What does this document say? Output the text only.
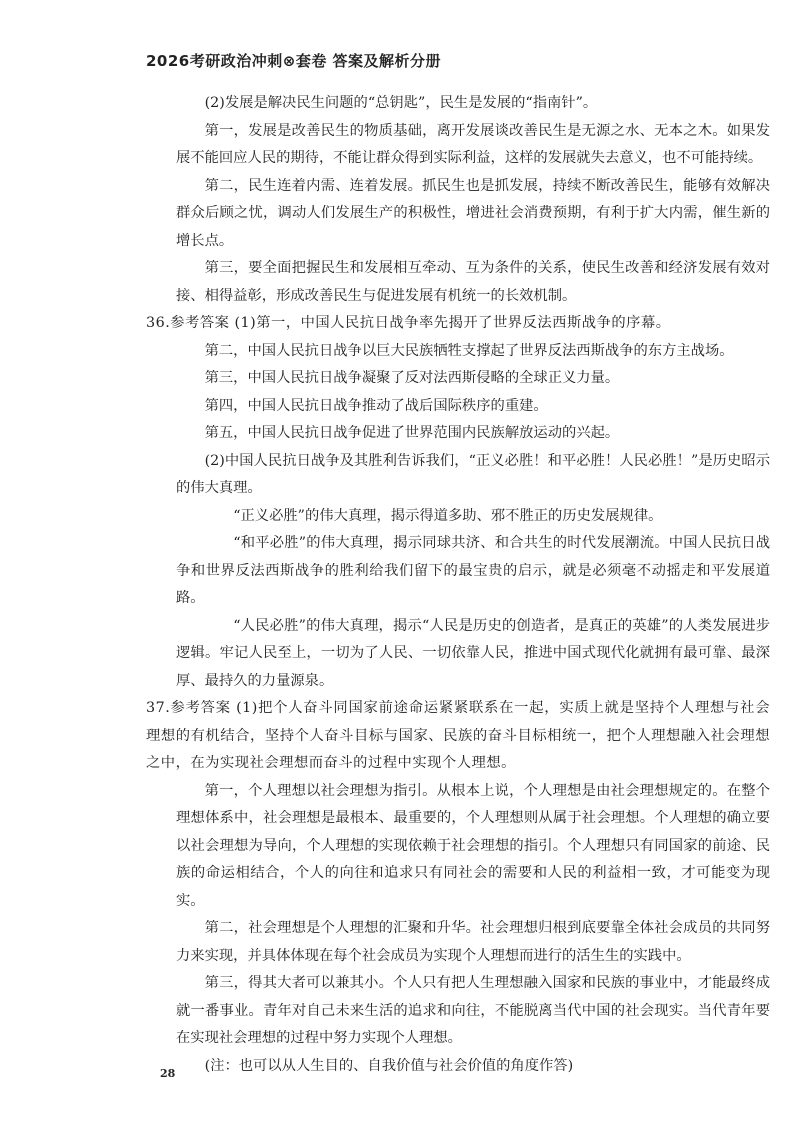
2026考研政治冲刺⊗套卷 答案及解析分册

(2)发展是解决民生问题的“总钥匙”，民生是发展的“指南针”。

第一，发展是改善民生的物质基础，离开发展谈改善民生是无源之水、无本之木。如果发展不能回应人民的期待，不能让群众得到实际利益，这样的发展就失去意义，也不可能持续。

第二，民生连着内需、连着发展。抓民生也是抓发展，持续不断改善民生，能够有效解决群众后顾之忧，调动人们发展生产的积极性，增进社会消费预期，有利于扩大内需，催生新的增长点。

第三，要全面把握民生和发展相互牵动、互为条件的关系，使民生改善和经济发展有效对接、相得益彰，形成改善民生与促进发展有机统一的长效机制。

36.参考答案 (1)第一，中国人民抗日战争率先揭开了世界反法西斯战争的序幕。

第二，中国人民抗日战争以巨大民族牺牲支撑起了世界反法西斯战争的东方主战场。

第三，中国人民抗日战争凝聚了反对法西斯侵略的全球正义力量。

第四，中国人民抗日战争推动了战后国际秩序的重建。

第五，中国人民抗日战争促进了世界范围内民族解放运动的兴起。

(2)中国人民抗日战争及其胜利告诉我们，“正义必胜！和平必胜！人民必胜！”是历史昭示的伟大真理。

“正义必胜”的伟大真理，揭示得道多助、邪不胜正的历史发展规律。

“和平必胜”的伟大真理，揭示同球共济、和合共生的时代发展潮流。中国人民抗日战争和世界反法西斯战争的胜利给我们留下的最宝贵的启示，就是必须毫不动摇走和平发展道路。

“人民必胜”的伟大真理，揭示“人民是历史的创造者，是真正的英雄”的人类发展进步逻辑。牢记人民至上，一切为了人民、一切依靠人民，推进中国式现代化就拥有最可靠、最深厚、最持久的力量源泉。

37.参考答案 (1)把个人奋斗同国家前途命运紧紧联系在一起，实质上就是坚持个人理想与社会理想的有机结合，坚持个人奋斗目标与国家、民族的奋斗目标相统一，把个人理想融入社会理想之中，在为实现社会理想而奋斗的过程中实现个人理想。

第一，个人理想以社会理想为指引。从根本上说，个人理想是由社会理想规定的。在整个理想体系中，社会理想是最根本、最重要的，个人理想则从属于社会理想。个人理想的确立要以社会理想为导向，个人理想的实现依赖于社会理想的指引。个人理想只有同国家的前途、民族的命运相结合，个人的向往和追求只有同社会的需要和人民的利益相一致，才可能变为现实。

第二，社会理想是个人理想的汇聚和升华。社会理想归根到底要靠全体社会成员的共同努力来实现，并具体体现在每个社会成员为实现个人理想而进行的活生生的实践中。

第三，得其大者可以兼其小。个人只有把人生理想融入国家和民族的事业中，才能最终成就一番事业。青年对自己未来生活的追求和向往，不能脱离当代中国的社会现实。当代青年要在实现社会理想的过程中努力实现个人理想。

(注：也可以从人生目的、自我价值与社会价值的角度作答)

28
